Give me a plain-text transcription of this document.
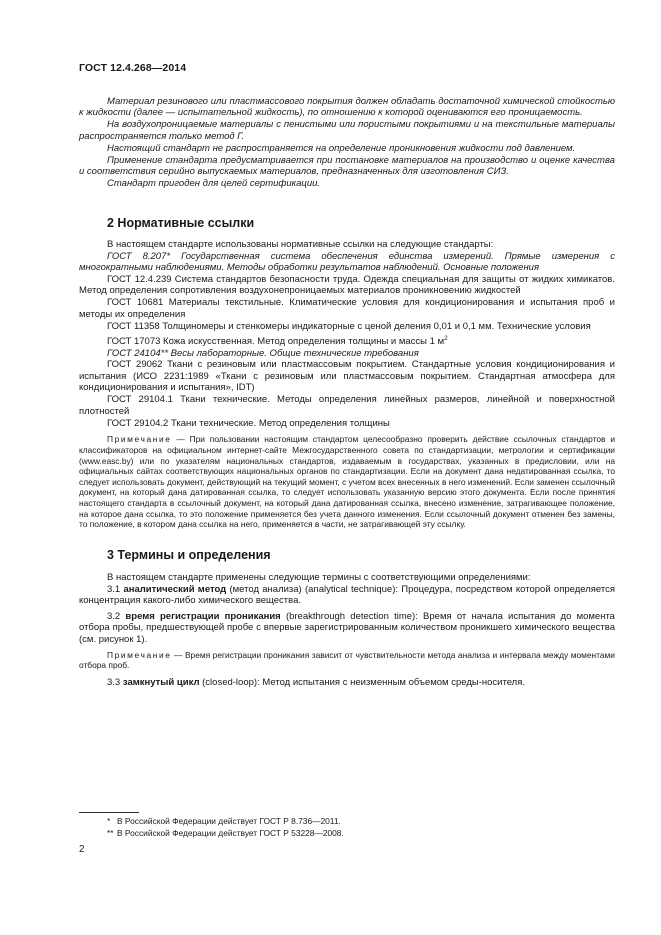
ГОСТ 12.4.268—2014

Материал резинового или пластмассового покрытия должен обладать достаточной химической стойкостью к жидкости (далее — испытательной жидкость), по отношению к которой оцениваются его проницаемость.

На воздухопроницаемые материалы с пенистыми или пористыми покрытиями и на текстильные материалы распространяется только метод Г.

Настоящий стандарт не распространяется на определение проникновения жидкости под давлением.

Применение стандарта предусматривается при постановке материалов на производство и оценке качества и соответствия серийно выпускаемых материалов, предназначенных для изготовления СИЗ.

Стандарт пригоден для целей сертификации.

2 Нормативные ссылки

В настоящем стандарте использованы нормативные ссылки на следующие стандарты:

ГОСТ 8.207* Государственная система обеспечения единства измерений. Прямые измерения с многократными наблюдениями. Методы обработки результатов наблюдений. Основные положения

ГОСТ 12.4.239 Система стандартов безопасности труда. Одежда специальная для защиты от жидких химикатов. Метод определения сопротивления воздухонепроницаемых материалов проникновению жидкостей

ГОСТ 10681 Материалы текстильные. Климатические условия для кондиционирования и испытания проб и методы их определения

ГОСТ 11358 Толщиномеры и стенкомеры индикаторные с ценой деления 0,01 и 0,1 мм. Технические условия

ГОСТ 17073 Кожа искусственная. Метод определения толщины и массы 1 $м^2$

ГОСТ 24104** Весы лабораторные. Общие технические требования

ГОСТ 29062 Ткани с резиновым или пластмассовым покрытием. Стандартные условия кондиционирования и испытания (ИСО 2231:1989 «Ткани с резиновым или пластмассовым покрытием. Стандартная атмосфера для кондиционирования и испытания», IDT)

ГОСТ 29104.1 Ткани технические. Методы определения линейных размеров, линейной и поверхностной плотностей

ГОСТ 29104.2 Ткани технические. Метод определения толщины

Примечание — При пользовании настоящим стандартом целесообразно проверить действие ссылочных стандартов и классификаторов на официальном интернет-сайте Межгосударственного совета по стандартизации, метрологии и сертификации (www.easc.by) или по указателям национальных стандартов, издаваемым в государствах, указанных в предисловии, или на официальных сайтах соответствующих национальных органов по стандартизации. Если на документ дана недатированная ссылка, то следует использовать документ, действующий на текущий момент, с учетом всех внесенных в него изменений. Если заменен ссылочный документ, на который дана датированная ссылка, то следует использовать указанную версию этого документа. Если после принятия настоящего стандарта в ссылочный документ, на который дана датированная ссылка, внесено изменение, затрагивающее положение, на которое дана ссылка, то это положение применяется без учета данного изменения. Если ссылочный документ отменен без замены, то положение, в котором дана ссылка на него, применяется в части, не затрагивающей эту ссылку.

3 Термины и определения

В настоящем стандарте применены следующие термины с соответствующими определениями:

3.1 аналитический метод (метод анализа) (analytical technique): Процедура, посредством которой определяется концентрация какого-либо химического вещества.

3.2 время регистрации проникания (breakthrough detection time): Время от начала испытания до момента отбора пробы, предшествующей пробе с впервые зарегистрированным количеством проникшего химического вещества (см. рисунок 1).

Примечание — Время регистрации проникания зависит от чувствительности метода анализа и интервала между моментами отбора проб.

3.3 замкнутый цикл (closed-loop): Метод испытания с неизменным объемом среды-носителя.

* В Российской Федерации действует ГОСТ Р 8.736—2011.

** В Российской Федерации действует ГОСТ Р 53228—2008.

2
